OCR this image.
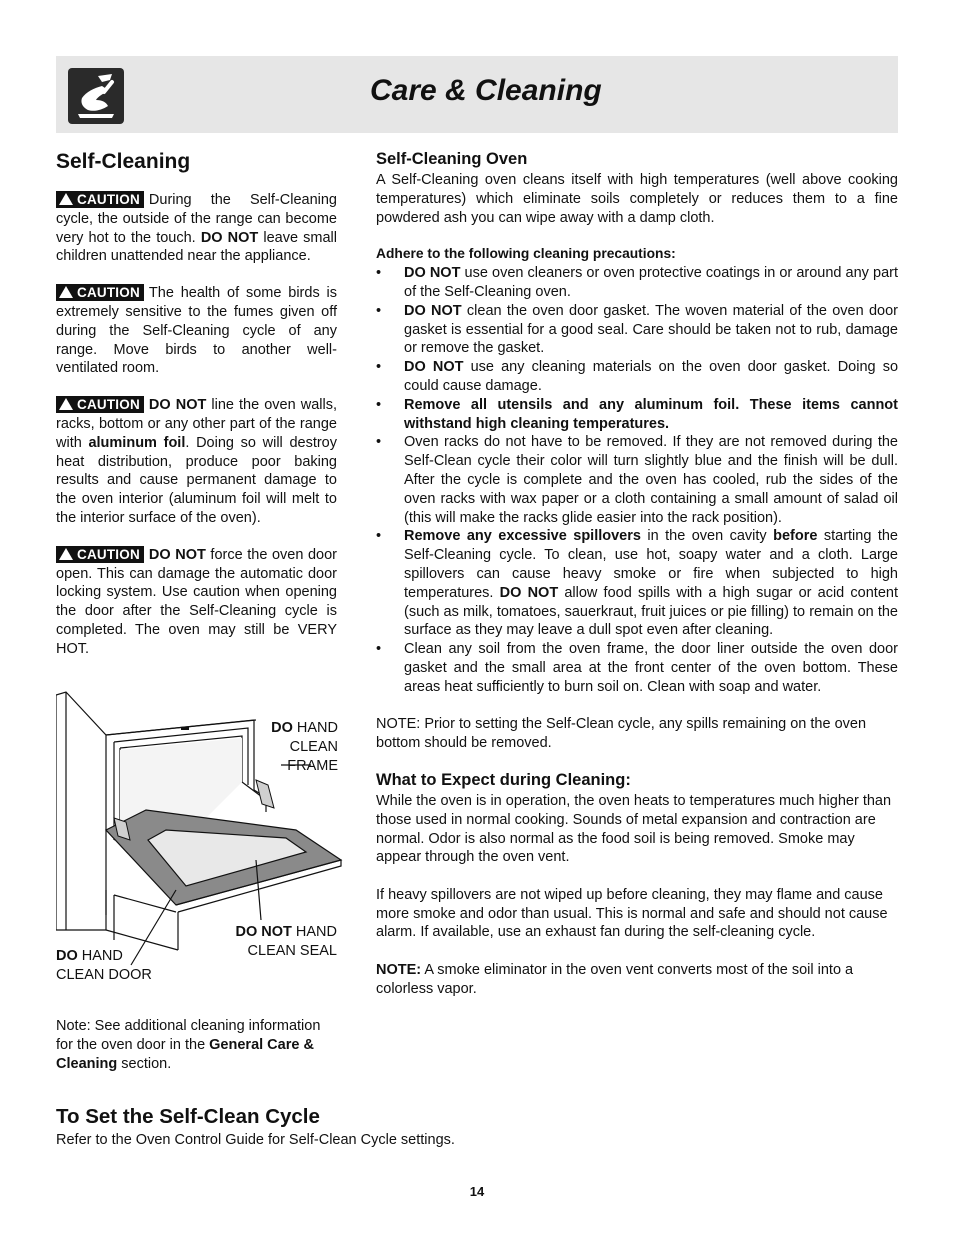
Care & Cleaning
Self-Cleaning

CAUTION During the Self-Cleaning cycle, the outside of the range can become very hot to the touch. DO NOT leave small children unattended near the appliance.

CAUTION The health of some birds is extremely sensitive to the fumes given off during the Self-Cleaning cycle of any range. Move birds to another well-ventilated room.

CAUTION DO NOT line the oven walls, racks, bottom or any other part of the range with aluminum foil. Doing so will destroy heat distribution, produce poor baking results and cause permanent damage to the oven interior (aluminum foil will melt to the interior surface of the oven).

CAUTION DO NOT force the oven door open. This can damage the automatic door locking system. Use caution when opening the door after the Self-Cleaning cycle is completed. The oven may still be VERY HOT.

DO HAND
CLEAN
FRAME
DO NOT HAND
CLEAN SEAL
DO HAND
CLEAN DOOR

Note: See additional cleaning information for the oven door in the General Care & Cleaning section.

Self-Cleaning Oven

A Self-Cleaning oven cleans itself with high temperatures (well above cooking temperatures) which eliminate soils completely or reduces them to a fine powdered ash you can wipe away with a damp cloth.

Adhere to the following cleaning precautions:

• DO NOT use oven cleaners or oven protective coatings in or around any part of the Self-Cleaning oven.
• DO NOT clean the oven door gasket. The woven material of the oven door gasket is essential for a good seal. Care should be taken not to rub, damage or remove the gasket.
• DO NOT use any cleaning materials on the oven door gasket. Doing so could cause damage.
• Remove all utensils and any aluminum foil. These items cannot withstand high cleaning temperatures.
• Oven racks do not have to be removed. If they are not removed during the Self-Clean cycle their color will turn slightly blue and the finish will be dull. After the cycle is complete and the oven has cooled, rub the sides of the oven racks with wax paper or a cloth containing a small amount of salad oil (this will make the racks glide easier into the rack position).
• Remove any excessive spillovers in the oven cavity before starting the Self-Cleaning cycle. To clean, use hot, soapy water and a cloth. Large spillovers can cause heavy smoke or fire when subjected to high temperatures. DO NOT allow food spills with a high sugar or acid content (such as milk, tomatoes, sauerkraut, fruit juices or pie filling) to remain on the surface as they may leave a dull spot even after cleaning.
• Clean any soil from the oven frame, the door liner outside the oven door gasket and the small area at the front center of the oven bottom. These areas heat sufficiently to burn soil on. Clean with soap and water.

NOTE: Prior to setting the Self-Clean cycle, any spills remaining on the oven bottom should be removed.

What to Expect during Cleaning:

While the oven is in operation, the oven heats to temperatures much higher than those used in normal cooking. Sounds of metal expansion and contraction are normal. Odor is also normal as the food soil is being removed. Smoke may appear through the oven vent.

If heavy spillovers are not wiped up before cleaning, they may flame and cause more smoke and odor than usual. This is normal and safe and should not cause alarm. If available, use an exhaust fan during the self-cleaning cycle.

NOTE: A smoke eliminator in the oven vent converts most of the soil into a colorless vapor.

To Set the Self-Clean Cycle

Refer to the Oven Control Guide for Self-Clean Cycle settings.

14
